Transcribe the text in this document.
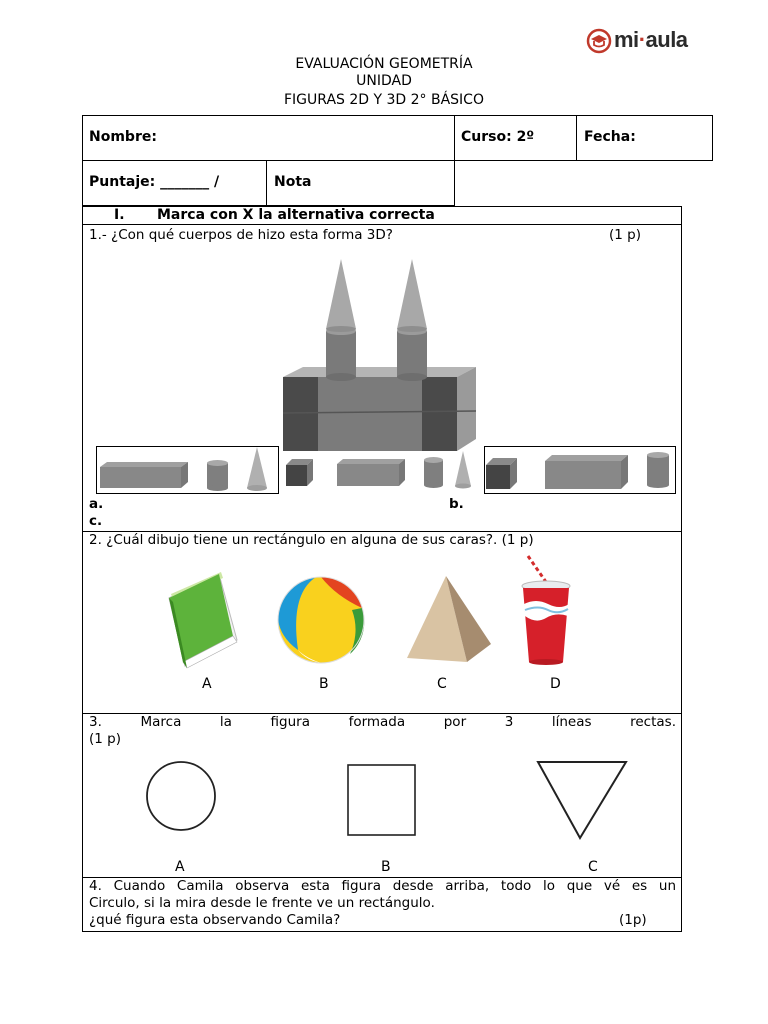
mi·aula
EVALUACIÓN GEOMETRÍA
UNIDAD
FIGURAS 2D Y 3D 2° BÁSICO
Nombre:	Curso: 2º	Fecha:
Puntaje: _______ /	Nota
I. Marca con X la alternativa correcta
1.- ¿Con qué cuerpos de hizo esta forma 3D?	(1 p)
a.	b.
c.
2. ¿Cuál dibujo tiene un rectángulo en alguna de sus caras?. (1 p)
A	B	C	D
3.	Marca	la	figura	formada	por	3	líneas	rectas.
(1 p)
A	B	C
4. Cuando Camila observa esta figura desde arriba, todo lo que vé es un
Circulo, si la mira desde le frente ve un rectángulo.
¿qué figura esta observando Camila?	(1p)
